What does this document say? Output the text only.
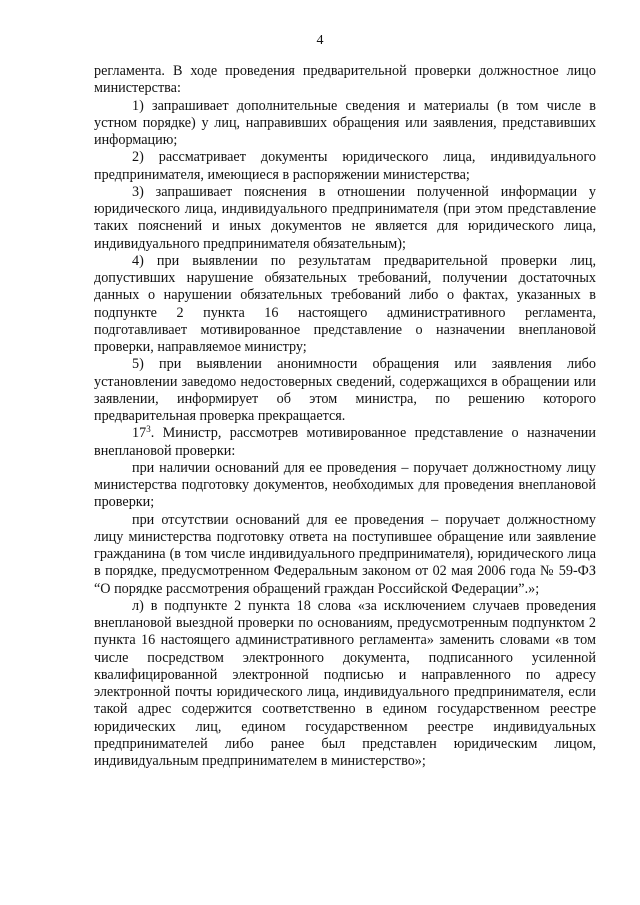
4

регламента. В ходе проведения предварительной проверки должностное лицо министерства:

1) запрашивает дополнительные сведения и материалы (в том числе в устном порядке) у лиц, направивших обращения или заявления, представивших информацию;

2) рассматривает документы юридического лица, индивидуального предпринимателя, имеющиеся в распоряжении министерства;

3) запрашивает пояснения в отношении полученной информации у юридического лица, индивидуального предпринимателя (при этом представление таких пояснений и иных документов не является для юридического лица, индивидуального предпринимателя обязательным);

4) при выявлении по результатам предварительной проверки лиц, допустивших нарушение обязательных требований, получении достаточных данных о нарушении обязательных требований либо о фактах, указанных в подпункте 2 пункта 16 настоящего административного регламента, подготавливает мотивированное представление о назначении внеплановой проверки, направляемое министру;

5) при выявлении анонимности обращения или заявления либо установлении заведомо недостоверных сведений, содержащихся в обращении или заявлении, информирует об этом министра, по решению которого предварительная проверка прекращается.

$17^3$. Министр, рассмотрев мотивированное представление о назначении внеплановой проверки:

при наличии оснований для ее проведения – поручает должностному лицу министерства подготовку документов, необходимых для проведения внеплановой проверки;

при отсутствии оснований для ее проведения – поручает должностному лицу министерства подготовку ответа на поступившее обращение или заявление гражданина (в том числе индивидуального предпринимателя), юридического лица в порядке, предусмотренном Федеральным законом от 02 мая 2006 года № 59-ФЗ “О порядке рассмотрения обращений граждан Российской Федерации”.»;

л) в подпункте 2 пункта 18 слова «за исключением случаев проведения внеплановой выездной проверки по основаниям, предусмотренным подпунктом 2 пункта 16 настоящего административного регламента» заменить словами «в том числе посредством электронного документа, подписанного усиленной квалифицированной электронной подписью и направленного по адресу электронной почты юридического лица, индивидуального предпринимателя, если такой адрес содержится соответственно в едином государственном реестре юридических лиц, едином государственном реестре индивидуальных предпринимателей либо ранее был представлен юридическим лицом, индивидуальным предпринимателем в министерство»;
